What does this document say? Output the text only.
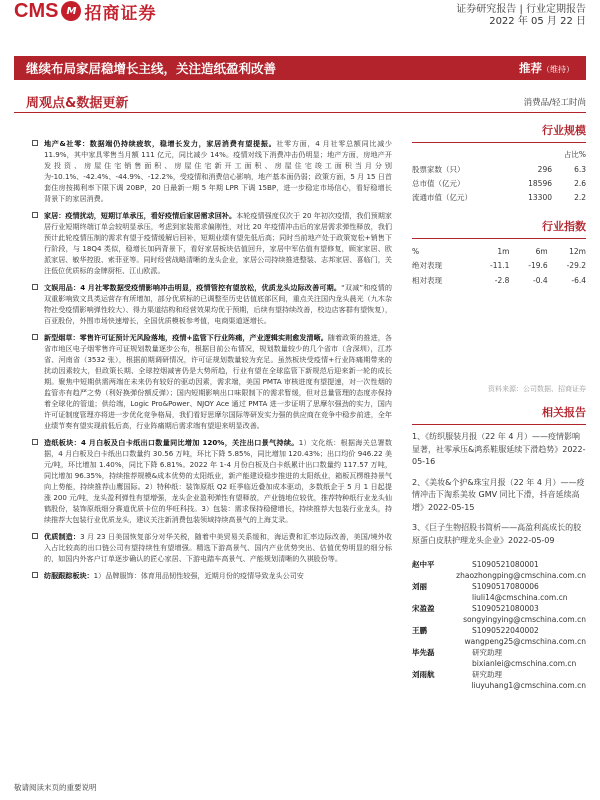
CMS M 招商证券	证券研究报告 | 行业定期报告
2022 年 05 月 22 日
继续布局家居稳增长主线，关注造纸盈利改善	推荐（维持）
周观点&数据更新	消费品/轻工时尚
地产&社零：数据端仍持续疲软，稳增长发力，家居消费有望提振。社零方面，4 月社零总额同比减少 11.9%，其中家具零售当月额 111 亿元，同比减少 14%。疫情对线下消费冲击仍明显；地产方面，房地产开发投资、房屋住宅销售面积、房屋住宅新开工面积、房屋住宅竣工面积当月分别为-10.1%、-42.4%、-44.9%、-12.2%，受疫情和消费信心影响，地产基本面仍弱；政策方面，5 月 15 日首套住房按揭利率下限下调 20BP，20 日最新一期 5 年期 LPR 下调 15BP，进一步稳定市场信心，看好稳增长背景下的家居消费。
家居：疫情扰动，短期订单承压，看好疫情后家居需求回补。本轮疫情强度仅次于 20 年初次疫情，我们预期家居行业短期终端订单会较明显承压，考虑到家装需求偏刚性，对比 20 年疫情冲击后的家居需求弹性释放，我们预计此轮疫情压制的需求有望于疫情缓解后回补，短期业绩有望先低后高；同时当前地产处于政策宽松+销售下行阶段，与 18Q4 类似，稳增长加码背景下，看好家居板块估值回升，家居中军估值有望修复，顾家家居、欧派家居、敏华控股、索菲亚等。同时经营战略清晰的龙头企业，家居公司持续推进整装、志邦家居、喜临门，关注低位优质标的金牌厨柜、江山欧派。
文娱用品：4 月社零数据受疫情影响冲击明显，疫情管控有望放松，优质龙头边际改善可期。“双减”和疫情的双重影响致文具类运营存有所增加，部分优质标的已调整至历史估值底部区间，重点关注国内龙头晨光（九木杂物社受疫情影响弹性较大）、得力渠道结构和经营效果均优于预期，后续有望持续改善，校边店客群有望恢复），百亚股份，外围市场快速增长，全国优质模板参考值，电商渠道逐增长。
新型烟草：零售许可证预计无风险落地，疫情+监管下行业阵痛，产业逻辑实则愈发清晰。随着政策的推进，各省市地区电子烟零售许可证规划数量逐步公布，根据目前公布情况，规划数量较少的几个省市（含深圳），江苏省、河南省（3532 张），根据前期调研情况，许可证规划数量较为充足。虽然板块受疫情+行业阵痛期带来的扰动因素较大，但政策长期、全球控烟减害仍是大势所趋，行业有望在全球监管下新规范后迎来新一轮的成长期。聚焦中短期供需两端在未来仍有较好的驱动因素，需求端，美国 PMTA 审核进度有望提速，对一次性烟的监管亦有趋严之势（利好换弹份额反弹）；国内短期影响出口味限制下的需求暂缓，但对总量管理的态度亦保持着全球化的管道；供给端，Logic Pro&Power、NJOY Ace 通过 PMTA 进一步证明了思摩尔强劲的实力，国内许可证制度管理亦将进一步优化竞争格局，我们看好思摩尔国际等研发实力强的供应商在竞争中稳步前进，全年业绩节奏有望实现前低后高，行业阵痛期后需求端有望迎来明显改善。
造纸板块：4 月白板及白卡纸出口数量同比增加 120%，关注出口景气持续。1）文化纸：根据海关总署数据，4 月白板及白卡纸出口数量约 30.56 万吨，环比下降 5.85%，同比增加 120.43%；出口均价 946.22 美元/吨，环比增加 1.40%，同比下降 6.81%。2022 年 1-4 月份白板及白卡纸累计出口数量约 117.57 万吨，同比增加 96.35%，持续推荐规模&成本优势的太阳纸业，新产能建设稳步推进的太阳纸业，箱板瓦楞维持景气向上势能，持续推荐山鹰国际。2）特种纸：装饰原纸 Q2 旺季临近叠加成本驱动，多数纸企于 5 月 1 日起提涨 200 元/吨，龙头盈利弹性有望增强，龙头企业盈利弹性有望释放，产业链地位较优，推荐特种纸行业龙头仙鹤股份，装饰原纸细分赛道优质卡位的华旺科技。3）包装：需求保持稳健增长，持续推荐大包装行业龙头，持续推荐大包装行业优质龙头，建议关注新消费包装领域持续高景气的上海艾录。
优质制造：3 月 23 日美国恢复部分对华关税，随着中美贸易关系缓和，海运费和汇率边际改善，美国/境外收入占比较高的出口链公司有望持续性有望增强。精选下游高景气、国内产业优势突出、估值优势明显的细分标的，如国内外客户订单逐步确认的匠心家居、下游电踏车高景气、产能规划清晰的久祺股份等。
纺服跟踪板块：1）品牌服饰：体育用品韧性较强，近期月份的疫情导致龙头公司安
行业规模
占比%
股票家数（只）	296	6.3
总市值（亿元）	18596	2.6
流通市值（亿元）	13300	2.2
行业指数
%	1m	6m	12m
绝对表现	-11.1	-19.6	-29.2
相对表现	-2.8	-0.4	-6.4
资料来源：公司数据、招商证券
相关报告
1、《纺织服装月报（22 年 4 月）——疫情影响显著，社零承压&鸿系鞋服延续下滑趋势》2022-05-16
2、《美妆&个护&珠宝月报（22 年 4 月）——疫情冲击下淘系美妆 GMV 同比下滑，抖音延续高增》2022-05-15
3、《巨子生物招股书简析——高盈利高成长的胶原蛋白皮肤护理龙头企业》2022-05-09
赵中平	S1090521080001
zhaozhongping@cmschina.com.cn
刘丽	S1090517080006
liuli14@cmschina.com.cn
宋盈盈	S1090521080003
songyingying@cmschina.com.cn
王鹏	S1090522040002
wangpeng25@cmschina.com.cn
毕先磊	研究助理
bixianlei@cmschina.com.cn
刘雨航	研究助理
liuyuhang1@cmschina.com.cn
敬请阅读末页的重要说明
